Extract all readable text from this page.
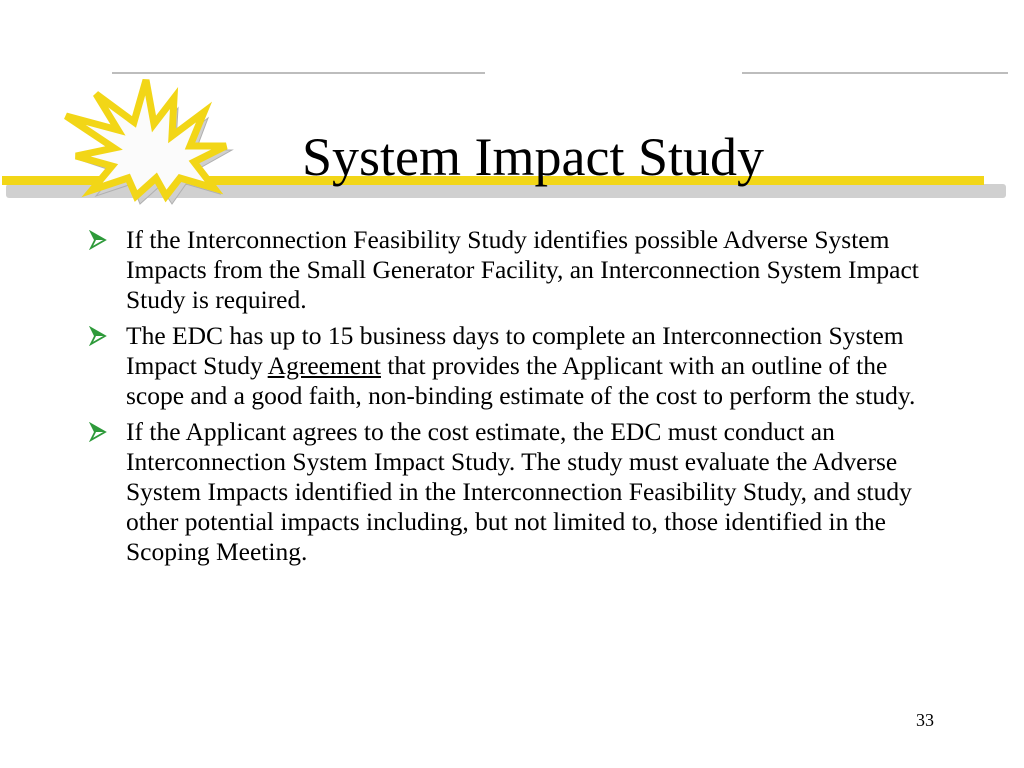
System Impact Study
If the Interconnection Feasibility Study identifies possible Adverse System Impacts from the Small Generator Facility, an Interconnection System Impact Study is required.
The EDC has up to 15 business days to complete an Interconnection System Impact Study Agreement that provides the Applicant with an outline of the scope and a good faith, non-binding estimate of the cost to perform the study.
If the Applicant agrees to the cost estimate, the EDC must conduct an Interconnection System Impact Study. The study must evaluate the Adverse System Impacts identified in the Interconnection Feasibility Study, and study other potential impacts including, but not limited to, those identified in the Scoping Meeting.
33
